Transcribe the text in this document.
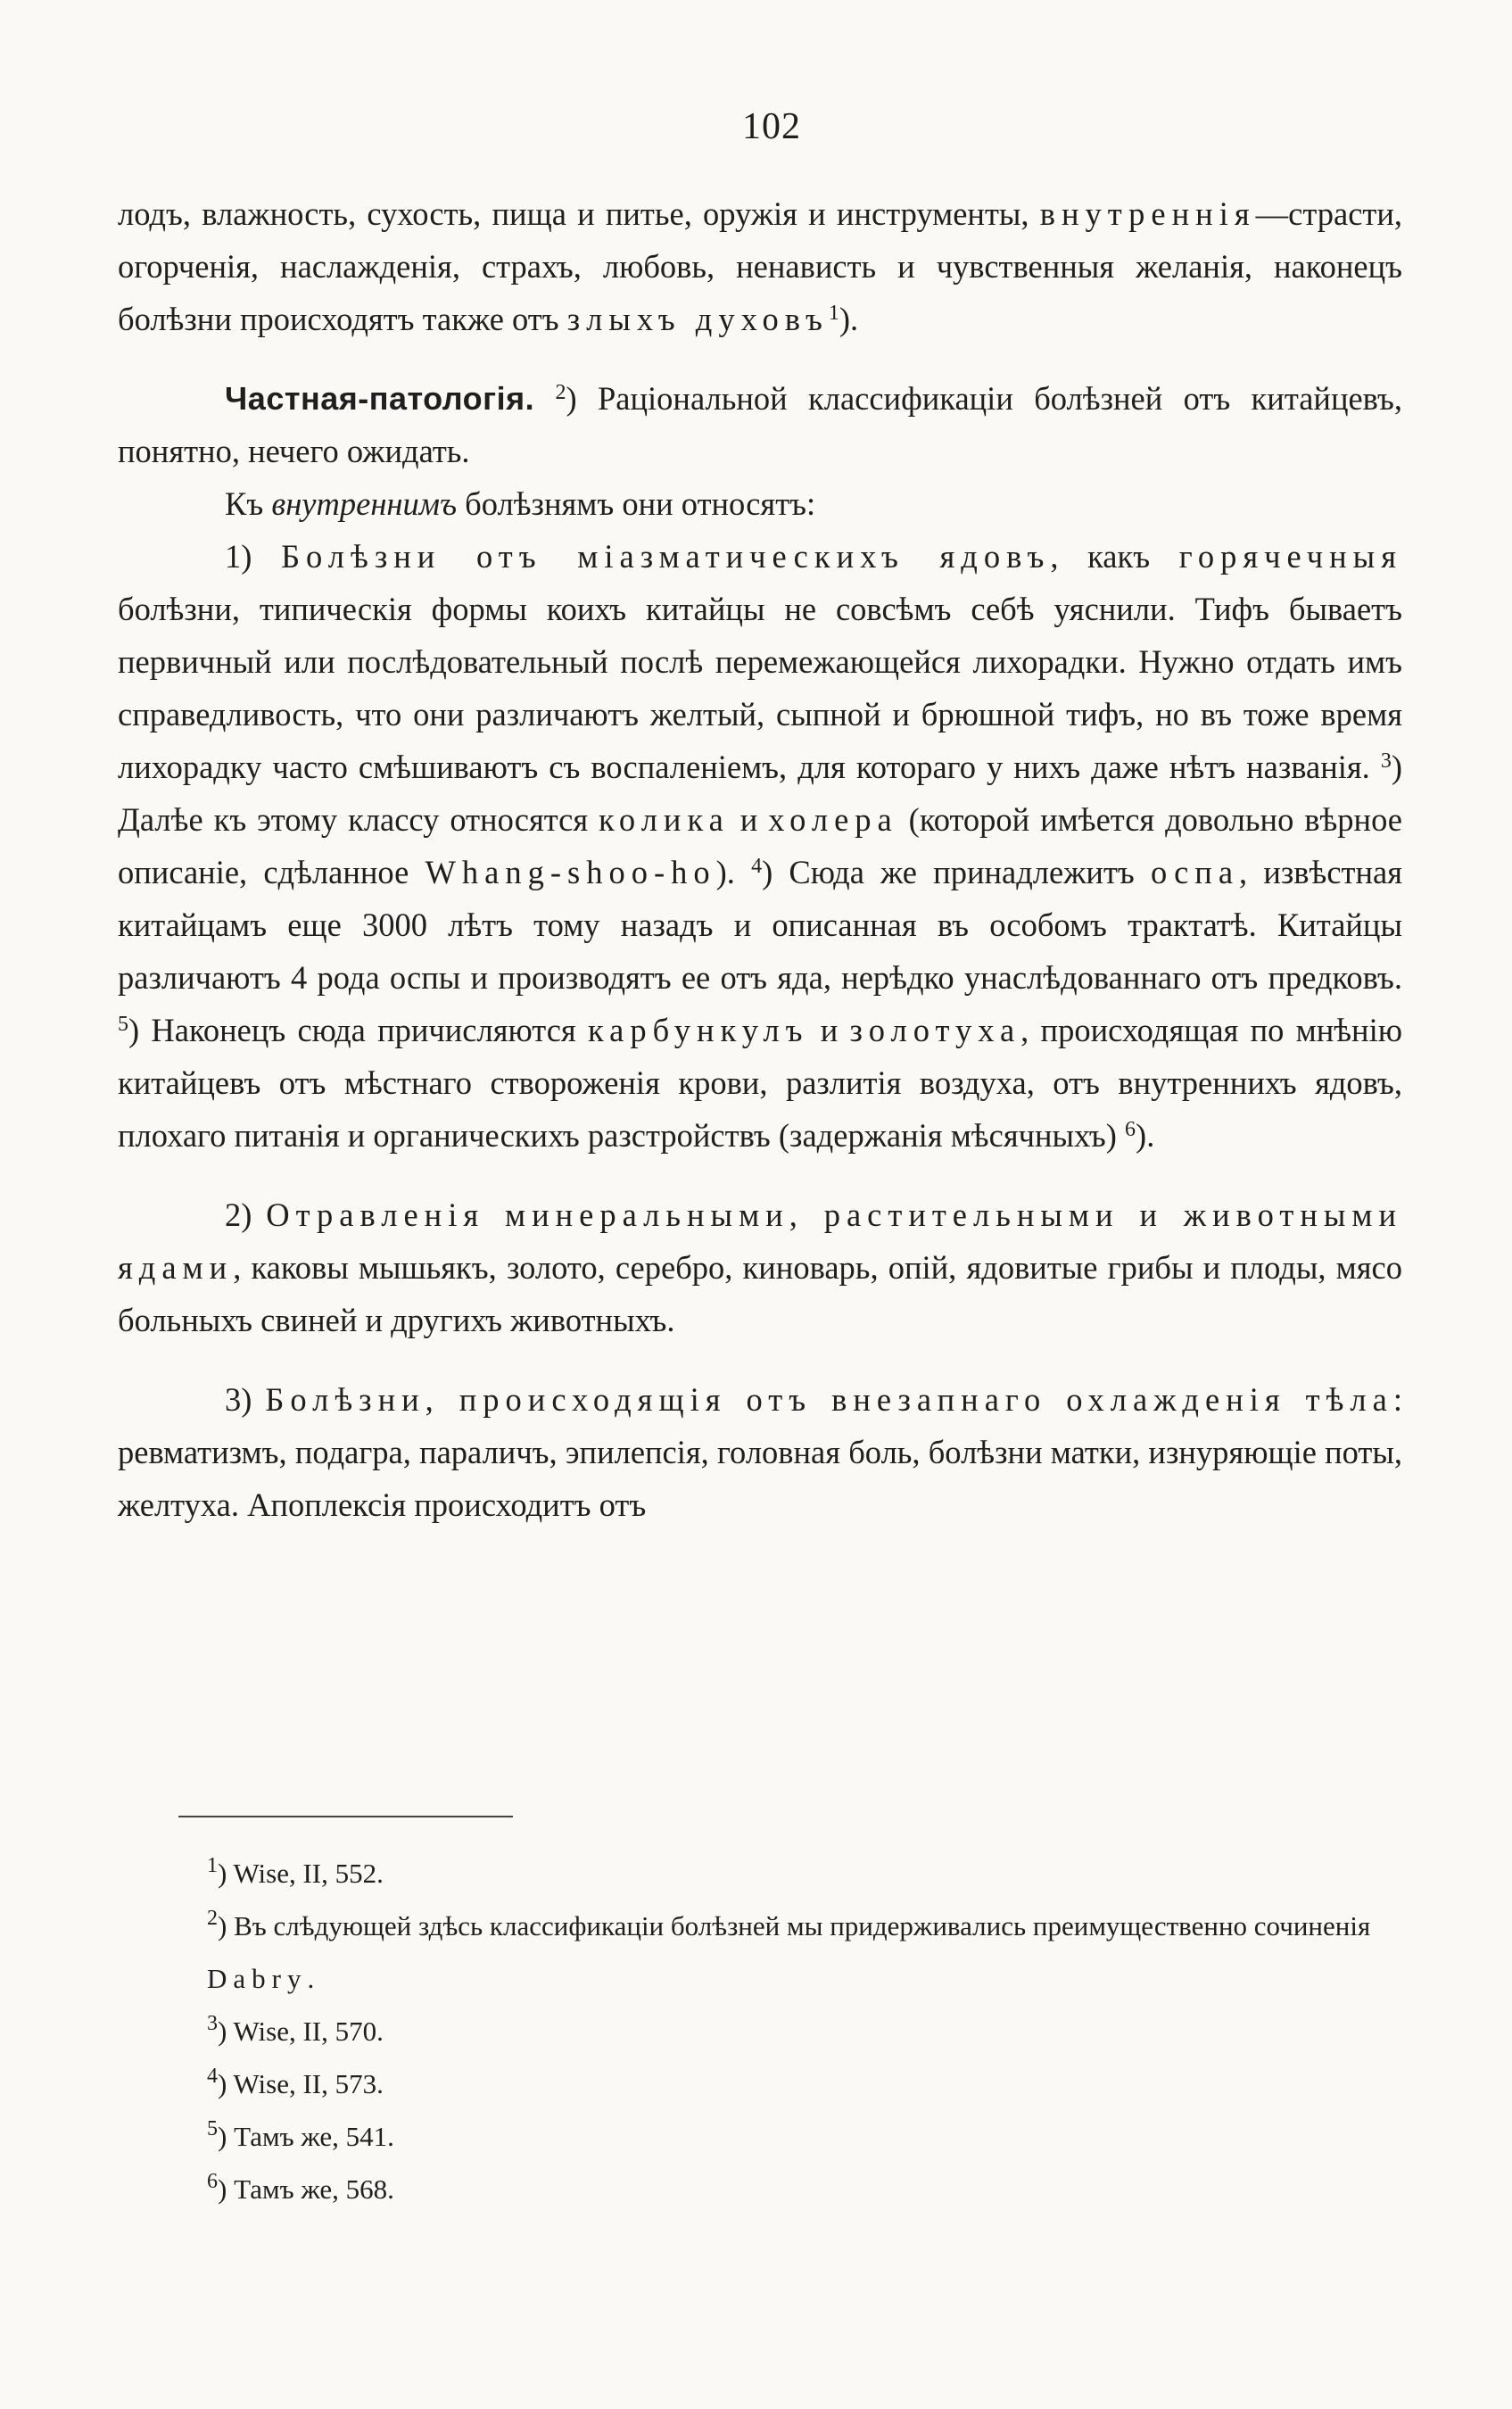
102

лодъ, влажность, сухость, пища и питье, оружія и инструменты, внутреннія—страсти, огорченія, наслажденія, страхъ, любовь, ненависть и чувственныя желанія, наконецъ болѣзни происходятъ также отъ злыхъ духовъ$^1$).

Частная-патологія. $^2$) Раціональной классификаціи болѣзней отъ китайцевъ, понятно, нечего ожидать.

Къ внутреннимъ болѣзнямъ они относятъ:

1) Болѣзни отъ міазматическихъ ядовъ, какъ горячечныя болѣзни, типическія формы коихъ китайцы не совсѣмъ себѣ уяснили. Тифъ бываетъ первичный или послѣдовательный послѣ перемежающейся лихорадки. Нужно отдать имъ справедливость, что они различаютъ желтый, сыпной и брюшной тифъ, но въ тоже время лихорадку часто смѣшиваютъ съ воспаленіемъ, для котораго у нихъ даже нѣтъ названія. $^3$) Далѣе къ этому классу относятся колика и холера (которой имѣется довольно вѣрное описаніе, сдѣланное Whang-shoo-ho). $^4$) Сюда же принадлежитъ оспа, извѣстная китайцамъ еще 3000 лѣтъ тому назадъ и описанная въ особомъ трактатѣ. Китайцы различаютъ 4 рода оспы и производятъ ее отъ яда, нерѣдко унаслѣдованнаго отъ предковъ. $^5$) Наконецъ сюда причисляются карбункулъ и золотуха, происходящая по мнѣнію китайцевъ отъ мѣстнаго створоженія крови, разлитія воздуха, отъ внутреннихъ ядовъ, плохаго питанія и органическихъ разстройствъ (задержанія мѣсячныхъ) $^6$).

2) Отравленія минеральными, растительными и животными ядами, каковы мышьякъ, золото, серебро, киноварь, опій, ядовитые грибы и плоды, мясо больныхъ свиней и другихъ животныхъ.

3) Болѣзни, происходящія отъ внезапнаго охлажденія тѣла: ревматизмъ, подагра, параличъ, эпилепсія, головная боль, болѣзни матки, изнуряющіе поты, желтуха. Апоплексія происходитъ отъ

$^1$) Wise, II, 552.

$^2$) Въ слѣдующей здѣсь классификаціи болѣзней мы придерживались преимущественно сочиненія Dabry.

$^3$) Wise, II, 570.

$^4$) Wise, II, 573.

$^5$) Тамъ же, 541.

$^6$) Тамъ же, 568.
